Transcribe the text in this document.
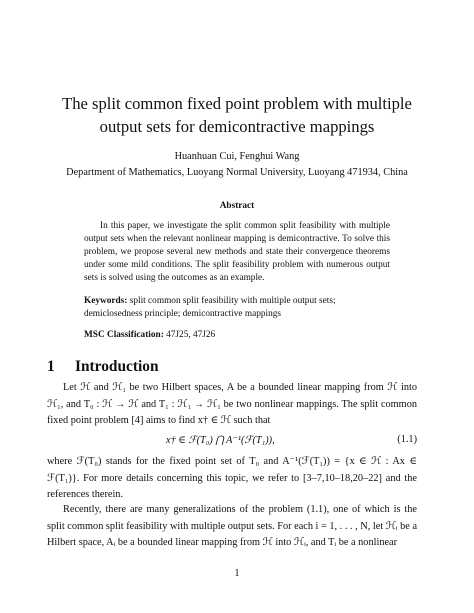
The split common fixed point problem with multiple output sets for demicontractive mappings
Huanhuan Cui, Fenghui Wang
Department of Mathematics, Luoyang Normal University, Luoyang 471934, China
Abstract
In this paper, we investigate the split common split feasibility with multiple output sets when the relevant nonlinear mapping is demicontractive. To solve this problem, we propose several new methods and state their convergence theorems under some mild conditions. The split feasibility problem with numerous output sets is solved using the outcomes as an example.
Keywords: split common split feasibility with multiple output sets; demiclosedness principle; demicontractive mappings
MSC Classification: 47J25, 47J26
1 Introduction
Let ℋ and ℋ₁ be two Hilbert spaces, A be a bounded linear mapping from ℋ into ℋ₁, and T₀ : ℋ → ℋ and T₁ : ℋ₁ → ℋ₁ be two nonlinear mappings. The split common fixed point problem [4] aims to find x† ∈ ℋ such that
x† ∈ ℱ(T₀) ⋂ A⁻¹(ℱ(T₁)),	(1.1)
where ℱ(T₀) stands for the fixed point set of T₀ and A⁻¹(ℱ(T₁)) = {x ∈ ℋ : Ax ∈ ℱ(T₁)}. For more details concerning this topic, we refer to [3–7,10–18,20–22] and the references therein.
Recently, there are many generalizations of the problem (1.1), one of which is the split common split feasibility with multiple output sets. For each i = 1, . . . , N, let ℋᵢ be a Hilbert space, Aᵢ be a bounded linear mapping from ℋ into ℋᵢ, and Tᵢ be a nonlinear
1
